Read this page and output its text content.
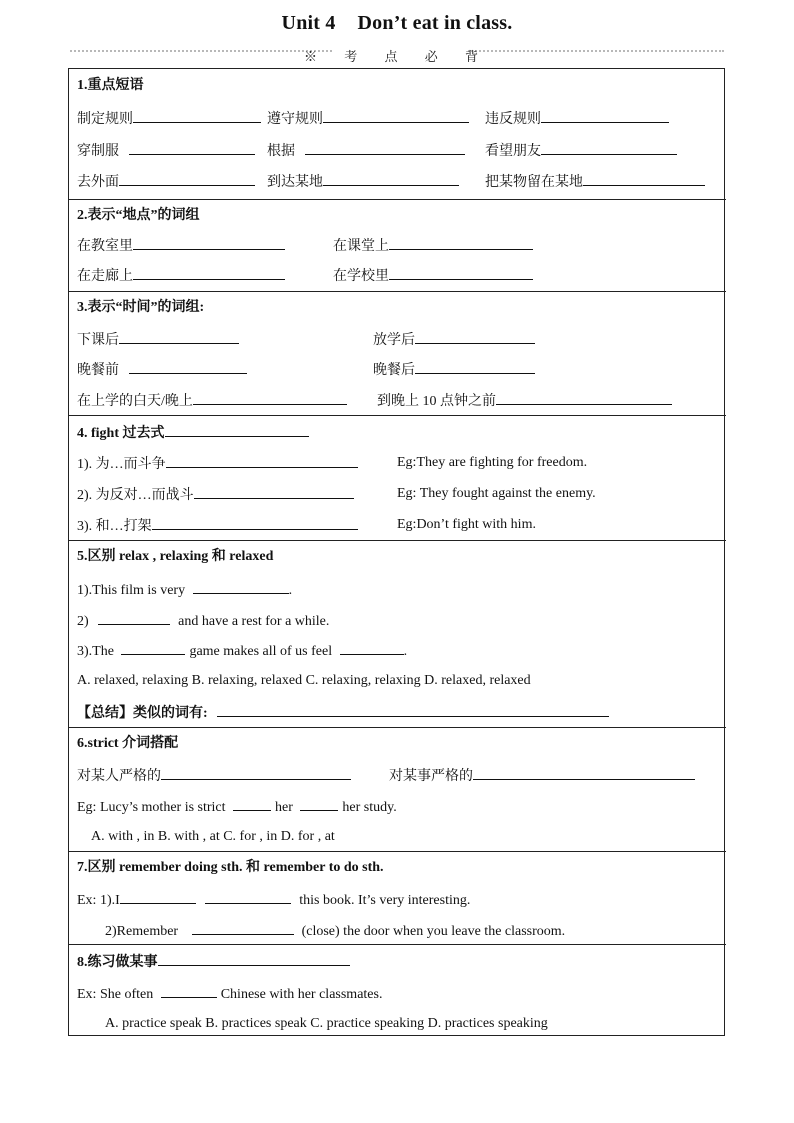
Unit 4 Don’t eat in class.
※ 考 点 必 背
1.重点短语
制定规则	遵守规则	违反规则
穿制服	根据	看望朋友
去外面	到达某地	把某物留在某地
2.表示“地点”的词组
在教室里	在课堂上
在走廊上	在学校里
3.表示“时间”的词组:
下课后	放学后
晚餐前	晚餐后
在上学的白天/晚上	到晚上 10 点钟之前
4. fight 过去式
1). 为…而斗争	Eg:They are fighting for freedom.
2). 为反对…而战斗	Eg: They fought against the enemy.
3). 和…打架	Eg:Don’t fight with him.
5.区别 relax , relaxing 和 relaxed
1).This film is very	.
2)	and have a rest for a while.
3).The	game makes all of us feel	.
A. relaxed, relaxing B. relaxing, relaxed C. relaxing, relaxing D. relaxed, relaxed
【总结】类似的词有:
6.strict 介词搭配
对某人严格的	对某事严格的
Eg: Lucy’s mother is strict	her	her study.
A. with , in B. with , at C. for , in D. for , at
7.区别 remember doing sth. 和 remember to do sth.
Ex: 1).I	this book. It’s very interesting.
2)Remember	(close) the door when you leave the classroom.
8.练习做某事
Ex: She often	Chinese with her classmates.
A. practice speak B. practices speak C. practice speaking D. practices speaking
